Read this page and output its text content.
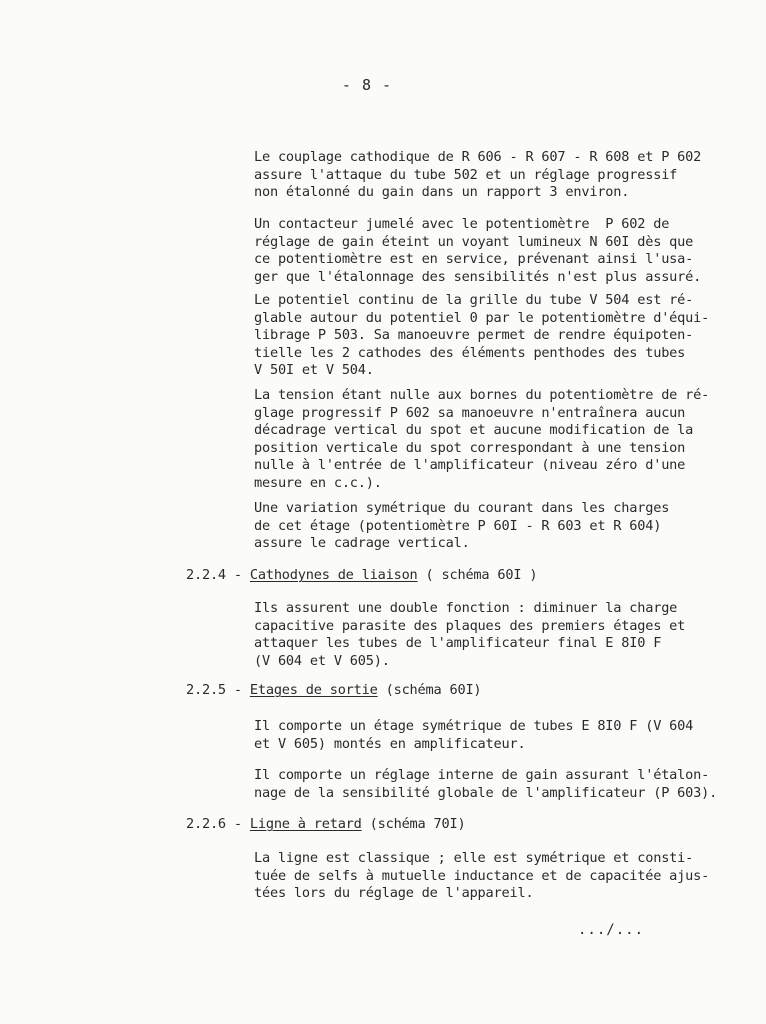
- 8 -
Le couplage cathodique de R 606 - R 607 - R 608 et P 602
assure l'attaque du tube 502 et un réglage progressif
non étalonné du gain dans un rapport 3 environ.
Un contacteur jumelé avec le potentiomètre  P 602 de
réglage de gain éteint un voyant lumineux N 60I dès que
ce potentiomètre est en service, prévenant ainsi l'usa-
ger que l'étalonnage des sensibilités n'est plus assuré.
Le potentiel continu de la grille du tube V 504 est ré-
glable autour du potentiel 0 par le potentiomètre d'équi-
librage P 503. Sa manoeuvre permet de rendre équipoten-
tielle les 2 cathodes des éléments penthodes des tubes
V 50I et V 504.
La tension étant nulle aux bornes du potentiomètre de ré-
glage progressif P 602 sa manoeuvre n'entraînera aucun
décadrage vertical du spot et aucune modification de la
position verticale du spot correspondant à une tension
nulle à l'entrée de l'amplificateur (niveau zéro d'une
mesure en c.c.).
Une variation symétrique du courant dans les charges
de cet étage (potentiomètre P 60I - R 603 et R 604)
assure le cadrage vertical.
2.2.4 - Cathodynes de liaison ( schéma 60I )
Ils assurent une double fonction : diminuer la charge
capacitive parasite des plaques des premiers étages et
attaquer les tubes de l'amplificateur final E 8I0 F
(V 604 et V 605).
2.2.5 - Etages de sortie (schéma 60I)
Il comporte un étage symétrique de tubes E 8I0 F (V 604
et V 605) montés en amplificateur.
Il comporte un réglage interne de gain assurant l'étalon-
nage de la sensibilité globale de l'amplificateur (P 603).
2.2.6 - Ligne à retard (schéma 70I)
La ligne est classique ; elle est symétrique et consti-
tuée de selfs à mutuelle inductance et de capacitée ajus-
tées lors du réglage de l'appareil.
.../...
